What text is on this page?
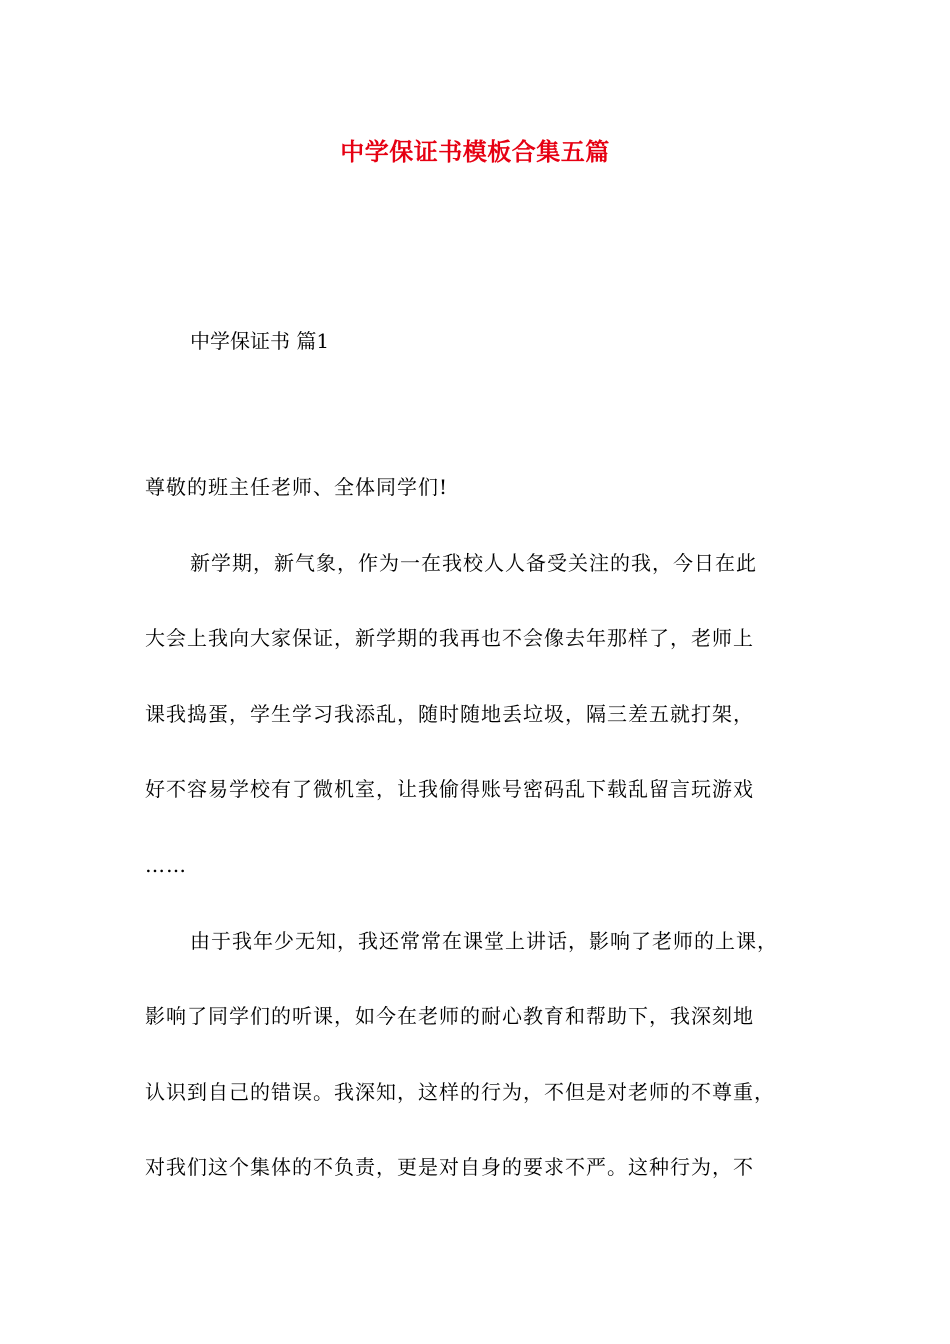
中学保证书模板合集五篇
中学保证书 篇1
尊敬的班主任老师、全体同学们!
新学期，新气象，作为一在我校人人备受关注的我，今日在此
大会上我向大家保证，新学期的我再也不会像去年那样了，老师上
课我捣蛋，学生学习我添乱，随时随地丢垃圾，隔三差五就打架，
好不容易学校有了微机室，让我偷得账号密码乱下载乱留言玩游戏
……
由于我年少无知，我还常常在课堂上讲话，影响了老师的上课，
影响了同学们的听课，如今在老师的耐心教育和帮助下，我深刻地
认识到自己的错误。我深知，这样的行为，不但是对老师的不尊重，
对我们这个集体的不负责，更是对自身的要求不严。这种行为，不
